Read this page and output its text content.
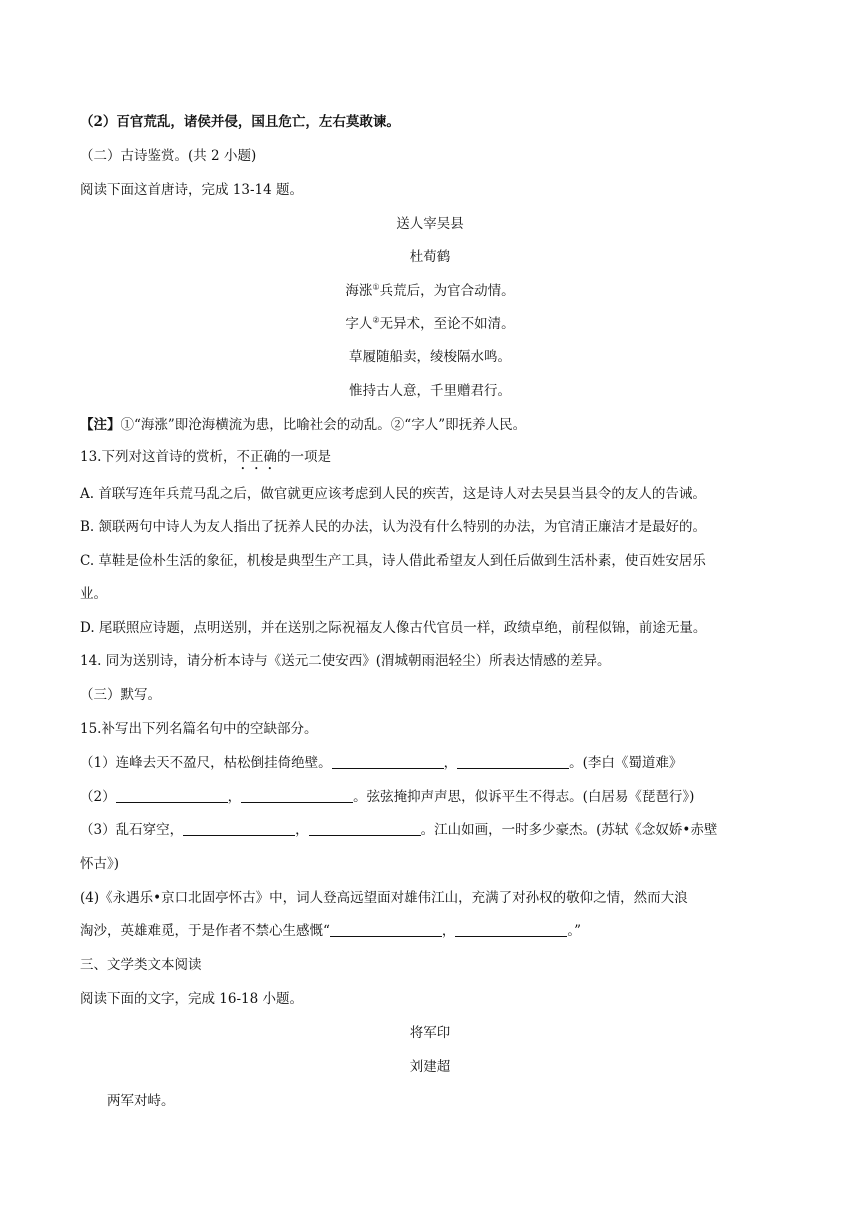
（2）百官荒乱，诸侯并侵，国且危亡，左右莫敢谏。
（二）古诗鉴赏。(共 2 小题)
阅读下面这首唐诗，完成 13-14 题。
送人宰吴县
杜荀鹤
海涨①兵荒后，为官合动情。
字人②无异术，至论不如清。
草履随船卖，绫梭隔水鸣。
惟持古人意，千里赠君行。
【注】①“海涨”即沧海横流为患，比喻社会的动乱。②“字人”即抚养人民。
13.下列对这首诗的赏析，不正确的一项是
A. 首联写连年兵荒马乱之后，做官就更应该考虑到人民的疾苦，这是诗人对去吴县当县令的友人的告诫。
B. 颔联两句中诗人为友人指出了抚养人民的办法，认为没有什么特别的办法，为官清正廉洁才是最好的。
C. 草鞋是俭朴生活的象征，机梭是典型生产工具，诗人借此希望友人到任后做到生活朴素，使百姓安居乐
业。
D. 尾联照应诗题，点明送别，并在送别之际祝福友人像古代官员一样，政绩卓绝，前程似锦，前途无量。
14. 同为送别诗，请分析本诗与《送元二使安西》(渭城朝雨浥轻尘）所表达情感的差异。
（三）默写。
15.补写出下列名篇名句中的空缺部分。
（1）连峰去天不盈尺，枯松倒挂倚绝壁。	，	。(李白《蜀道难》
（2）	，	。弦弦掩抑声声思，似诉平生不得志。(白居易《琵琶行》)
（3）乱石穿空，	，	。江山如画，一时多少豪杰。(苏轼《念奴娇•赤壁
怀古》)
(4)《永遇乐•京口北固亭怀古》中，词人登高远望面对雄伟江山，充满了对孙权的敬仰之情，然而大浪
淘沙，英雄难觅，于是作者不禁心生感慨“	，	。”
三、文学类文本阅读
阅读下面的文字，完成 16-18 小题。
将军印
刘建超
两军对峙。
